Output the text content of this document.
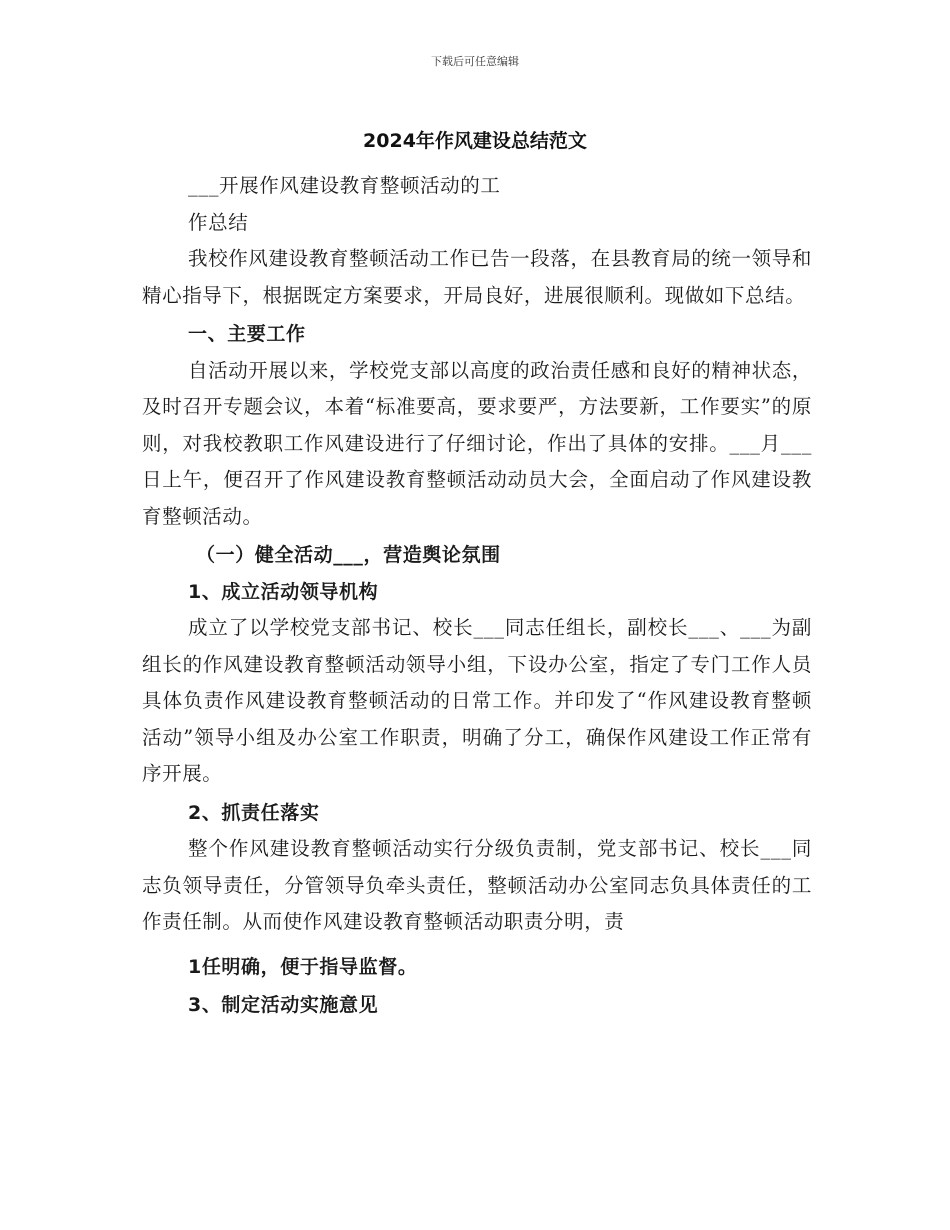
下载后可任意编辑
2024年作风建设总结范文

___开展作风建设教育整顿活动的工

作总结

我校作风建设教育整顿活动工作已告一段落，在县教育局的统一领导和精心指导下，根据既定方案要求，开局良好，进展很顺利。现做如下总结。

一、主要工作

自活动开展以来，学校党支部以高度的政治责任感和良好的精神状态，及时召开专题会议，本着“标准要高，要求要严，方法要新，工作要实”的原则，对我校教职工作风建设进行了仔细讨论，作出了具体的安排。___月___日上午，便召开了作风建设教育整顿活动动员大会，全面启动了作风建设教育整顿活动。

（一）健全活动___，营造舆论氛围

1、成立活动领导机构

成立了以学校党支部书记、校长___同志任组长，副校长___、___为副组长的作风建设教育整顿活动领导小组，下设办公室，指定了专门工作人员具体负责作风建设教育整顿活动的日常工作。并印发了“作风建设教育整顿活动”领导小组及办公室工作职责，明确了分工，确保作风建设工作正常有序开展。

2、抓责任落实

整个作风建设教育整顿活动实行分级负责制，党支部书记、校长___同志负领导责任，分管领导负牵头责任，整顿活动办公室同志负具体责任的工作责任制。从而使作风建设教育整顿活动职责分明，责

1任明确，便于指导监督。

3、制定活动实施意见
